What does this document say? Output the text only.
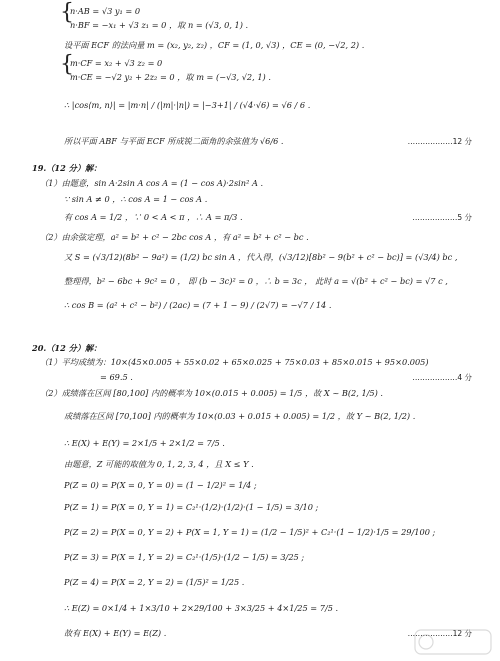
{
{
n·AB = √3 y₁ = 0
n·BF = −x₁ + √3 z₁ = 0 ，取 n = (√3, 0, 1) .
设平面 ECF 的法向量 m = (x₂, y₂, z₂) ，CF = (1, 0, √3) ，CE = (0, −√2, 2) .
m·CF = x₂ + √3 z₂ = 0
m·CE = −√2 y₂ + 2z₂ = 0 ，取 m = (−√3, √2, 1) .
∴ |cos⟨m, n⟩| = |m·n| / (|m|·|n|) = |−3+1| / (√4·√6) = √6 / 6 .
所以平面 ABF 与平面 ECF 所成锐二面角的余弦值为 √6/6 .
19.（12 分）解：
（1）由题意，sin A·2sin A cos A = (1 − cos A)·2sin² A .
∵ sin A ≠ 0 ，∴ cos A = 1 − cos A .
有 cos A = 1/2 ，∵ 0 < A < π ，∴ A = π/3 .
（2）由余弦定理，a² = b² + c² − 2bc cos A ，有 a² = b² + c² − bc .
又 S = (√3/12)(8b² − 9a²) = (1/2) bc sin A ，代入得，(√3/12)[8b² − 9(b² + c² − bc)] = (√3/4) bc ,
整理得，b² − 6bc + 9c² = 0 ， 即 (b − 3c)² = 0 ，∴ b = 3c ， 此时 a = √(b² + c² − bc) = √7 c ,
∴ cos B = (a² + c² − b²) / (2ac) = (7 + 1 − 9) / (2√7) = −√7 / 14 .
20.（12 分）解：
（1）平均成绩为：10×(45×0.005 + 55×0.02 + 65×0.025 + 75×0.03 + 85×0.015 + 95×0.005)
= 69.5 .
（2）成绩落在区间 [80,100] 内的概率为 10×(0.015 + 0.005) = 1/5 ，故 X ~ B(2, 1/5) .
成绩落在区间 [70,100] 内的概率为 10×(0.03 + 0.015 + 0.005) = 1/2 ，故 Y ~ B(2, 1/2) .
∴ E(X) + E(Y) = 2×1/5 + 2×1/2 = 7/5 .
由题意，Z 可能的取值为 0, 1, 2, 3, 4 ，且 X ≤ Y .
P(Z = 0) = P(X = 0, Y = 0) = (1 − 1/2)² = 1/4 ;
P(Z = 1) = P(X = 0, Y = 1) = C₂¹·(1/2)·(1/2)·(1 − 1/5) = 3/10 ;
P(Z = 2) = P(X = 0, Y = 2) + P(X = 1, Y = 1) = (1/2 − 1/5)² + C₂¹·(1 − 1/2)·1/5 = 29/100 ;
P(Z = 3) = P(X = 1, Y = 2) = C₂¹·(1/5)·(1/2 − 1/5) = 3/25 ;
P(Z = 4) = P(X = 2, Y = 2) = (1/5)² = 1/25 .
∴ E(Z) = 0×1/4 + 1×3/10 + 2×29/100 + 3×3/25 + 4×1/25 = 7/5 .
故有 E(X) + E(Y) = E(Z) .
………………12 分
………………5 分
………………4 分
………………12 分
